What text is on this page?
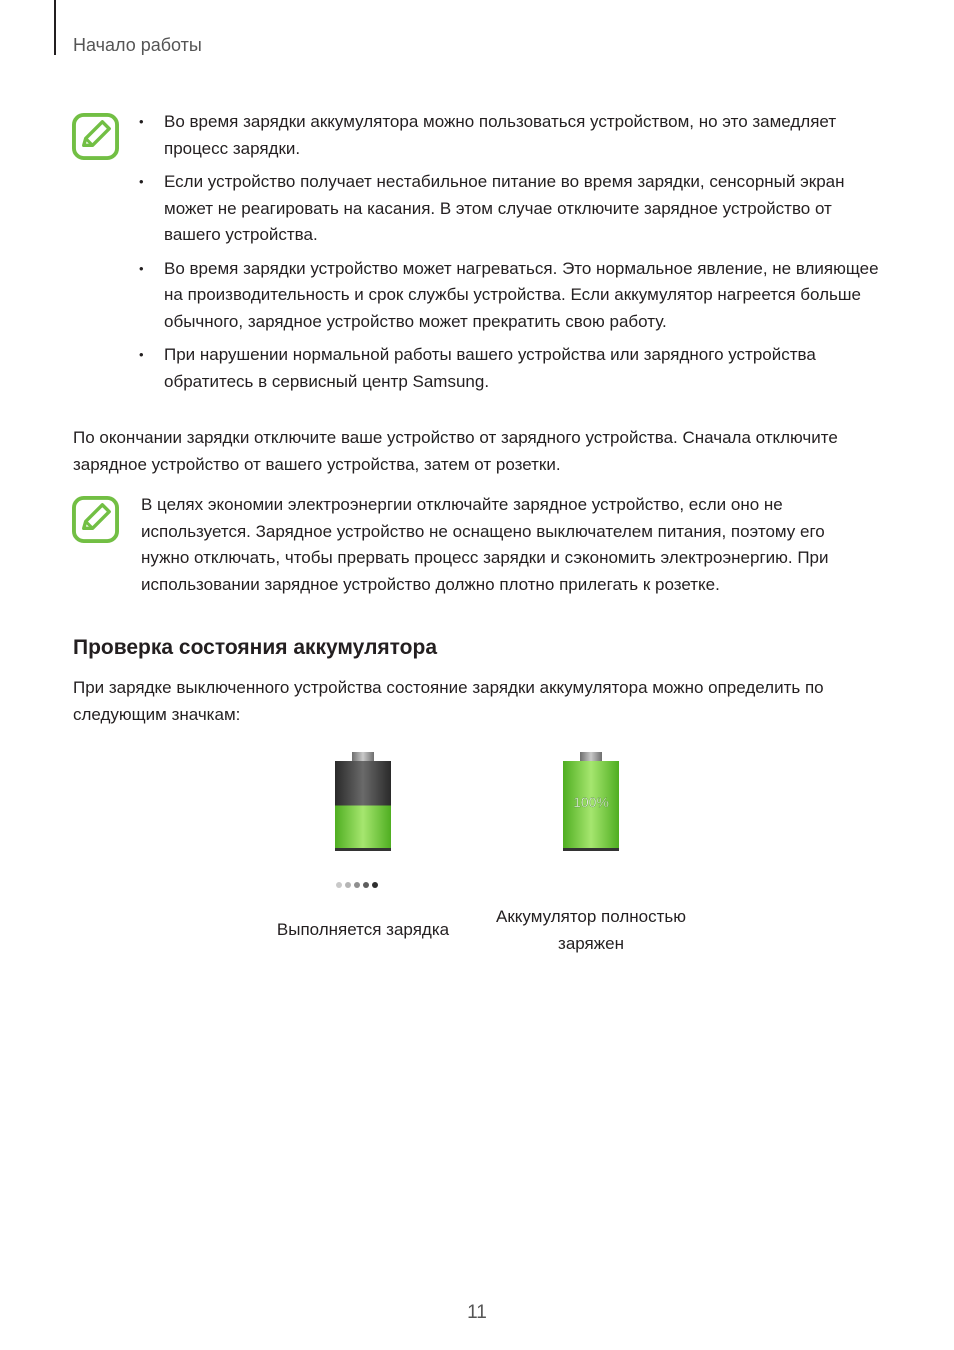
Начало работы
• Во время зарядки аккумулятора можно пользоваться устройством, но это замедляет процесс зарядки.
• Если устройство получает нестабильное питание во время зарядки, сенсорный экран может не реагировать на касания. В этом случае отключите зарядное устройство от вашего устройства.
• Во время зарядки устройство может нагреваться. Это нормальное явление, не влияющее на производительность и срок службы устройства. Если аккумулятор нагреется больше обычного, зарядное устройство может прекратить свою работу.
• При нарушении нормальной работы вашего устройства или зарядного устройства обратитесь в сервисный центр Samsung.

По окончании зарядки отключите ваше устройство от зарядного устройства. Сначала отключите зарядное устройство от вашего устройства, затем от розетки.

В целях экономии электроэнергии отключайте зарядное устройство, если оно не используется. Зарядное устройство не оснащено выключателем питания, поэтому его нужно отключать, чтобы прервать процесс зарядки и сэкономить электроэнергию. При использовании зарядное устройство должно плотно прилегать к розетке.

Проверка состояния аккумулятора

При зарядке выключенного устройства состояние зарядки аккумулятора можно определить по следующим значкам:

Выполняется зарядка
100%
Аккумулятор полностью заряжен
11
